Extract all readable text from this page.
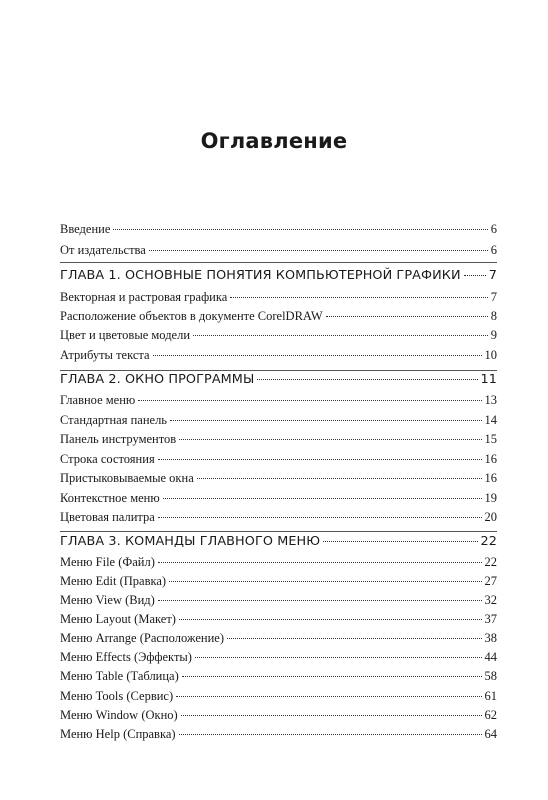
Оглавление
Введение	6
От издательства	6
ГЛАВА 1. ОСНОВНЫЕ ПОНЯТИЯ КОМПЬЮТЕРНОЙ ГРАФИКИ 7
Векторная и растровая графика	7
Расположение объектов в документе CorelDRAW	8
Цвет и цветовые модели	9
Атрибуты текста	10
ГЛАВА 2. ОКНО ПРОГРАММЫ	11
Главное меню	13
Стандартная панель	14
Панель инструментов	15
Строка состояния	16
Пристыковываемые окна	16
Контекстное меню	19
Цветовая палитра	20
ГЛАВА 3. КОМАНДЫ ГЛАВНОГО МЕНЮ	22
Меню File (Файл)	22
Меню Edit (Правка)	27
Меню View (Вид)	32
Меню Layout (Макет)	37
Меню Arrange (Расположение)	38
Меню Effects (Эффекты)	44
Меню Table (Таблица)	58
Меню Tools (Сервис)	61
Меню Window (Окно)	62
Меню Help (Справка)	64
